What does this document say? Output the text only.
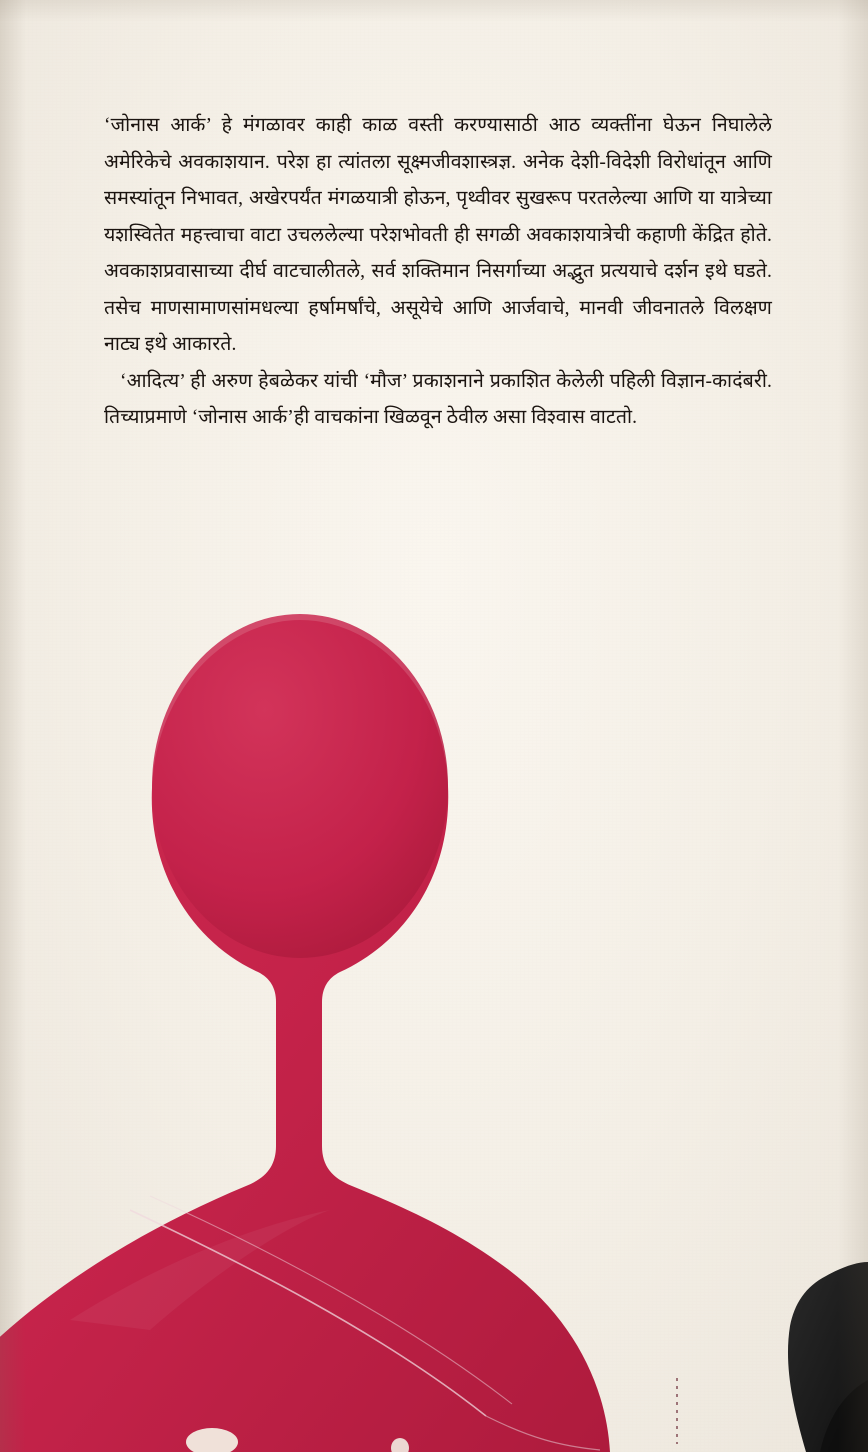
‘जोनास आर्क’ हे मंगळावर काही काळ वस्ती करण्यासाठी आठ व्यक्तींना घेऊन निघालेले अमेरिकेचे अवकाशयान. परेश हा त्यांतला सूक्ष्मजीवशास्त्रज्ञ. अनेक देशी-विदेशी विरोधांतून आणि समस्यांतून निभावत, अखेरपर्यंत मंगळयात्री होऊन, पृथ्वीवर सुखरूप परतलेल्या आणि या यात्रेच्या यशस्वितेत महत्त्वाचा वाटा उचललेल्या परेशभोवती ही सगळी अवकाशयात्रेची कहाणी केंद्रित होते. अवकाशप्रवासाच्या दीर्घ वाटचालीतले, सर्व शक्तिमान निसर्गाच्या अद्भुत प्रत्ययाचे दर्शन इथे घडते. तसेच माणसामाणसांमधल्या हर्षामर्षांचे, असूयेचे आणि आर्जवाचे, मानवी जीवनातले विलक्षण नाट्य इथे आकारते.

‘आदित्य’ ही अरुण हेबळेकर यांची ‘मौज’ प्रकाशनाने प्रकाशित केलेली पहिली विज्ञान-कादंबरी. तिच्याप्रमाणे ‘जोनास आर्क’ही वाचकांना खिळवून ठेवील असा विश्वास वाटतो.
